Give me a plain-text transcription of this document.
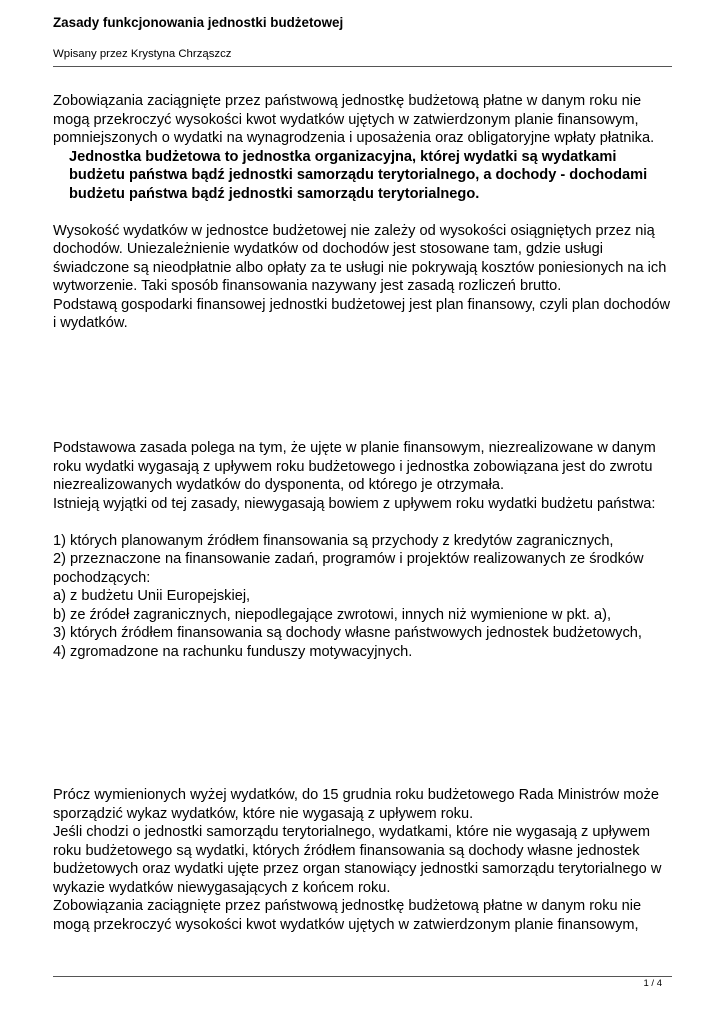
Zasady funkcjonowania jednostki budżetowej

Wpisany przez Krystyna Chrząszcz

Zobowiązania zaciągnięte przez państwową jednostkę budżetową płatne w danym roku nie mogą przekroczyć wysokości kwot wydatków ujętych w zatwierdzonym planie finansowym, pomniejszonych o wydatki na wynagrodzenia i uposażenia oraz obligatoryjne wpłaty płatnika.

Jednostka budżetowa to jednostka organizacyjna, której wydatki są wydatkami budżetu państwa bądź jednostki samorządu terytorialnego, a dochody - dochodami budżetu państwa bądź jednostki samorządu terytorialnego.

Wysokość wydatków w jednostce budżetowej nie zależy od wysokości osiągniętych przez nią dochodów. Uniezależnienie wydatków od dochodów jest stosowane tam, gdzie usługi świadczone są nieodpłatnie albo opłaty za te usługi nie pokrywają kosztów poniesionych na ich wytworzenie. Taki sposób finansowania nazywany jest zasadą rozliczeń brutto.

Podstawą gospodarki finansowej jednostki budżetowej jest plan finansowy, czyli plan dochodów i wydatków.

Podstawowa zasada polega na tym, że ujęte w planie finansowym, niezrealizowane w danym roku wydatki wygasają z upływem roku budżetowego i jednostka zobowiązana jest do zwrotu niezrealizowanych wydatków do dysponenta, od którego je otrzymała.

Istnieją wyjątki od tej zasady, niewygasają bowiem z upływem roku wydatki budżetu państwa:

1) których planowanym źródłem finansowania są przychody z kredytów zagranicznych,

2) przeznaczone na finansowanie zadań, programów i projektów realizowanych ze środków pochodzących:

a) z budżetu Unii Europejskiej,

b) ze źródeł zagranicznych, niepodlegające zwrotowi, innych niż wymienione w pkt. a),

3) których źródłem finansowania są dochody własne państwowych jednostek budżetowych,

4) zgromadzone na rachunku funduszy motywacyjnych.

Prócz wymienionych wyżej wydatków, do 15 grudnia roku budżetowego Rada Ministrów może sporządzić wykaz wydatków, które nie wygasają z upływem roku.

Jeśli chodzi o jednostki samorządu terytorialnego, wydatkami, które nie wygasają z upływem roku budżetowego są wydatki, których źródłem finansowania są dochody własne jednostek budżetowych oraz wydatki ujęte przez organ stanowiący jednostki samorządu terytorialnego w wykazie wydatków niewygasających z końcem roku.

Zobowiązania zaciągnięte przez państwową jednostkę budżetową płatne w danym roku nie mogą przekroczyć wysokości kwot wydatków ujętych w zatwierdzonym planie finansowym,

1 / 4
